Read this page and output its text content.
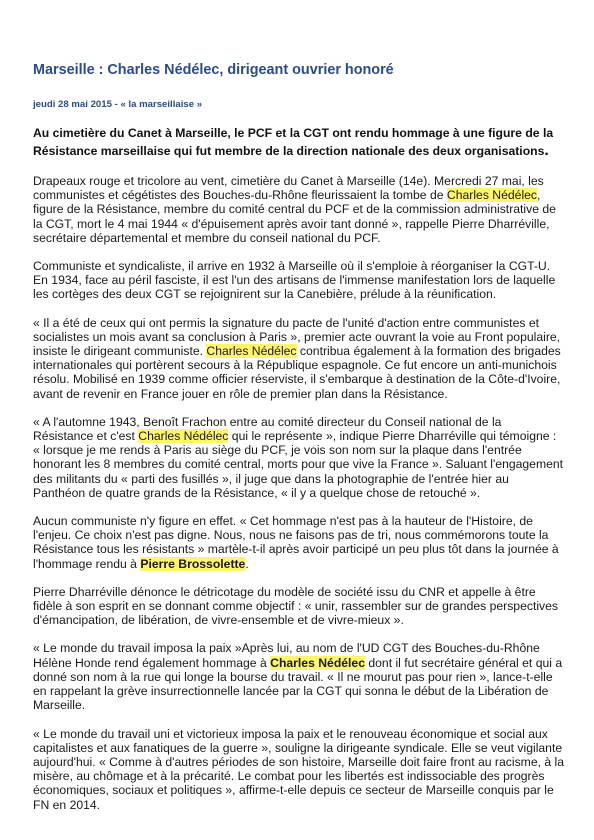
Marseille : Charles Nédélec, dirigeant ouvrier honoré
jeudi 28 mai 2015 - « la marseillaise »

Au cimetière du Canet à Marseille, le PCF et la CGT ont rendu hommage à une figure de la Résistance marseillaise qui fut membre de la direction nationale des deux organisations.

Drapeaux rouge et tricolore au vent, cimetière du Canet à Marseille (14e). Mercredi 27 mai, les communistes et cégétistes des Bouches-du-Rhône fleurissaient la tombe de Charles Nédélec, figure de la Résistance, membre du comité central du PCF et de la commission administrative de la CGT, mort le 4 mai 1944 « d'épuisement après avoir tant donné », rappelle Pierre Dharréville, secrétaire départemental et membre du conseil national du PCF.

Communiste et syndicaliste, il arrive en 1932 à Marseille où il s'emploie à réorganiser la CGT-U. En 1934, face au péril fasciste, il est l'un des artisans de l'immense manifestation lors de laquelle les cortèges des deux CGT se rejoignirent sur la Canebière, prélude à la réunification.

« Il a été de ceux qui ont permis la signature du pacte de l'unité d'action entre communistes et socialistes un mois avant sa conclusion à Paris », premier acte ouvrant la voie au Front populaire, insiste le dirigeant communiste. Charles Nédélec contribua également à la formation des brigades internationales qui portèrent secours à la République espagnole. Ce fut encore un anti-munichois résolu. Mobilisé en 1939 comme officier réserviste, il s'embarque à destination de la Côte-d'Ivoire, avant de revenir en France jouer en rôle de premier plan dans la Résistance.

« A l'automne 1943, Benoît Frachon entre au comité directeur du Conseil national de la Résistance et c'est Charles Nédélec qui le représente », indique Pierre Dharréville qui témoigne : « lorsque je me rends à Paris au siège du PCF, je vois son nom sur la plaque dans l'entrée honorant les 8 membres du comité central, morts pour que vive la France ». Saluant l'engagement des militants du « parti des fusillés », il juge que dans la photographie de l'entrée hier au Panthéon de quatre grands de la Résistance, « il y a quelque chose de retouché ».

Aucun communiste n'y figure en effet. « Cet hommage n'est pas à la hauteur de l'Histoire, de l'enjeu. Ce choix n'est pas digne. Nous, nous ne faisons pas de tri, nous commémorons toute la Résistance tous les résistants » martèle-t-il après avoir participé un peu plus tôt dans la journée à l'hommage rendu à Pierre Brossolette.

Pierre Dharréville dénonce le détricotage du modèle de société issu du CNR et appelle à être fidèle à son esprit en se donnant comme objectif : « unir, rassembler sur de grandes perspectives d'émancipation, de libération, de vivre-ensemble et de vivre-mieux ».

« Le monde du travail imposa la paix »Après lui, au nom de l'UD CGT des Bouches-du-Rhône Hélène Honde rend également hommage à Charles Nédélec dont il fut secrétaire général et qui a donné son nom à la rue qui longe la bourse du travail. « Il ne mourut pas pour rien », lance-t-elle en rappelant la grève insurrectionnelle lancée par la CGT qui sonna le début de la Libération de Marseille.

« Le monde du travail uni et victorieux imposa la paix et le renouveau économique et social aux capitalistes et aux fanatiques de la guerre », souligne la dirigeante syndicale. Elle se veut vigilante aujourd'hui. « Comme à d'autres périodes de son histoire, Marseille doit faire front au racisme, à la misère, au chômage et à la précarité. Le combat pour les libertés est indissociable des progrès économiques, sociaux et politiques », affirme-t-elle depuis ce secteur de Marseille conquis par le FN en 2014.
